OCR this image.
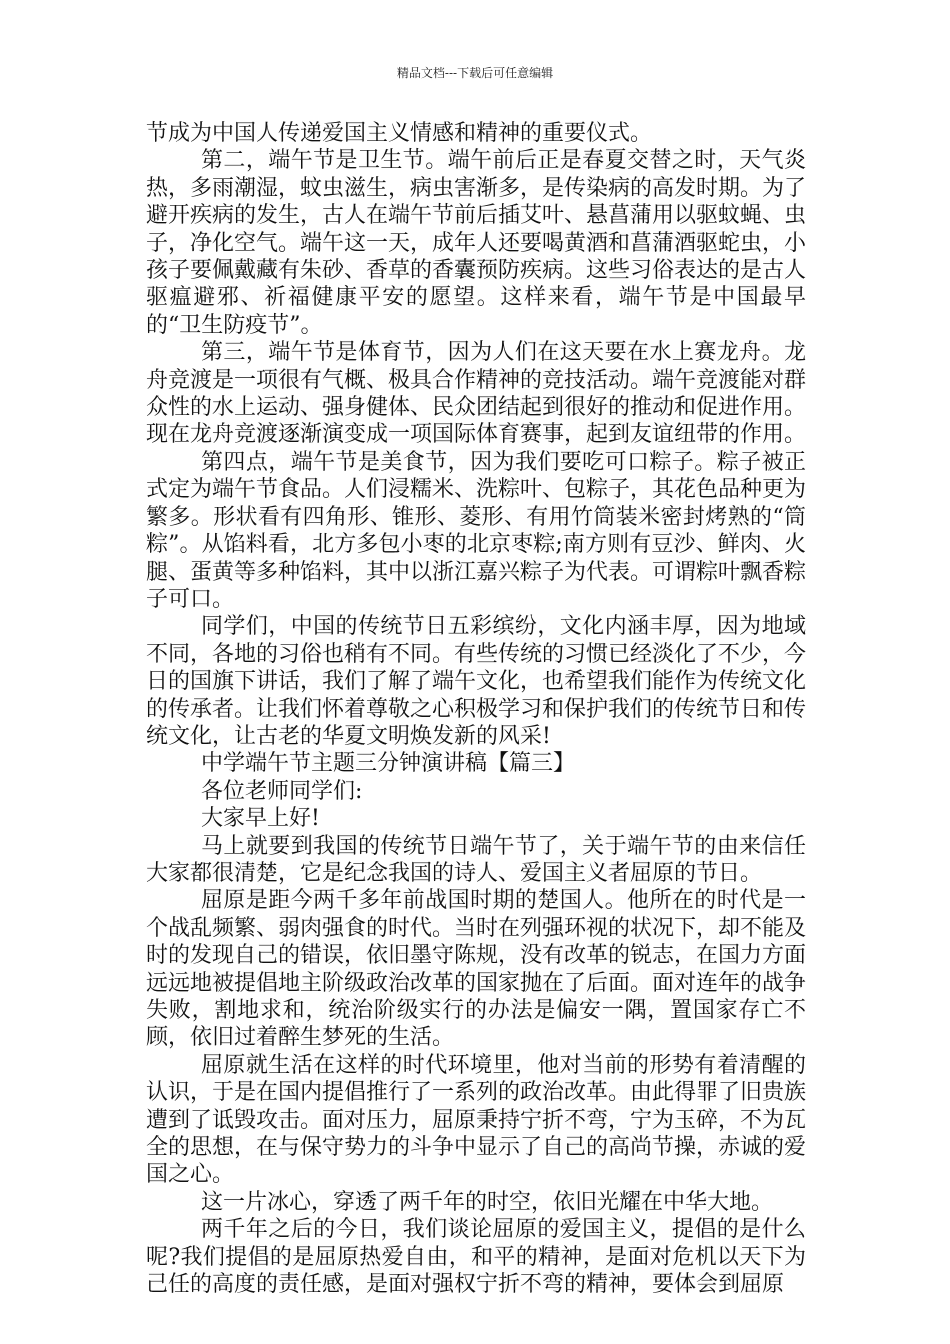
精品文档---下载后可任意编辑

节成为中国人传递爱国主义情感和精神的重要仪式。

第二，端午节是卫生节。端午前后正是春夏交替之时，天气炎热，多雨潮湿，蚊虫滋生，病虫害渐多，是传染病的高发时期。为了避开疾病的发生，古人在端午节前后插艾叶、悬菖蒲用以驱蚊蝇、虫子，净化空气。端午这一天，成年人还要喝黄酒和菖蒲酒驱蛇虫，小孩子要佩戴藏有朱砂、香草的香囊预防疾病。这些习俗表达的是古人驱瘟避邪、祈福健康平安的愿望。这样来看，端午节是中国最早的“卫生防疫节”。

第三，端午节是体育节，因为人们在这天要在水上赛龙舟。龙舟竞渡是一项很有气概、极具合作精神的竞技活动。端午竞渡能对群众性的水上运动、强身健体、民众团结起到很好的推动和促进作用。现在龙舟竞渡逐渐演变成一项国际体育赛事，起到友谊纽带的作用。

第四点，端午节是美食节，因为我们要吃可口粽子。粽子被正式定为端午节食品。人们浸糯米、洗粽叶、包粽子，其花色品种更为繁多。形状看有四角形、锥形、菱形、有用竹筒装米密封烤熟的“筒粽”。从馅料看，北方多包小枣的北京枣粽;南方则有豆沙、鲜肉、火腿、蛋黄等多种馅料，其中以浙江嘉兴粽子为代表。可谓粽叶飘香粽子可口。

同学们，中国的传统节日五彩缤纷，文化内涵丰厚，因为地域不同，各地的习俗也稍有不同。有些传统的习惯已经淡化了不少，今日的国旗下讲话，我们了解了端午文化，也希望我们能作为传统文化的传承者。让我们怀着尊敬之心积极学习和保护我们的传统节日和传统文化，让古老的华夏文明焕发新的风采!

中学端午节主题三分钟演讲稿【篇三】

各位老师同学们:

大家早上好!

马上就要到我国的传统节日端午节了，关于端午节的由来信任大家都很清楚，它是纪念我国的诗人、爱国主义者屈原的节日。

屈原是距今两千多年前战国时期的楚国人。他所在的时代是一个战乱频繁、弱肉强食的时代。当时在列强环视的状况下，却不能及时的发现自己的错误，依旧墨守陈规，没有改革的锐志，在国力方面远远地被提倡地主阶级政治改革的国家抛在了后面。面对连年的战争失败，割地求和，统治阶级实行的办法是偏安一隅，置国家存亡不顾，依旧过着醉生梦死的生活。

屈原就生活在这样的时代环境里，他对当前的形势有着清醒的认识，于是在国内提倡推行了一系列的政治改革。由此得罪了旧贵族遭到了诋毁攻击。面对压力，屈原秉持宁折不弯，宁为玉碎，不为瓦全的思想，在与保守势力的斗争中显示了自己的高尚节操，赤诚的爱国之心。

这一片冰心，穿透了两千年的时空，依旧光耀在中华大地。

两千年之后的今日，我们谈论屈原的爱国主义，提倡的是什么呢?我们提倡的是屈原热爱自由，和平的精神，是面对危机以天下为己任的高度的责任感，是面对强权宁折不弯的精神，要体会到屈原
